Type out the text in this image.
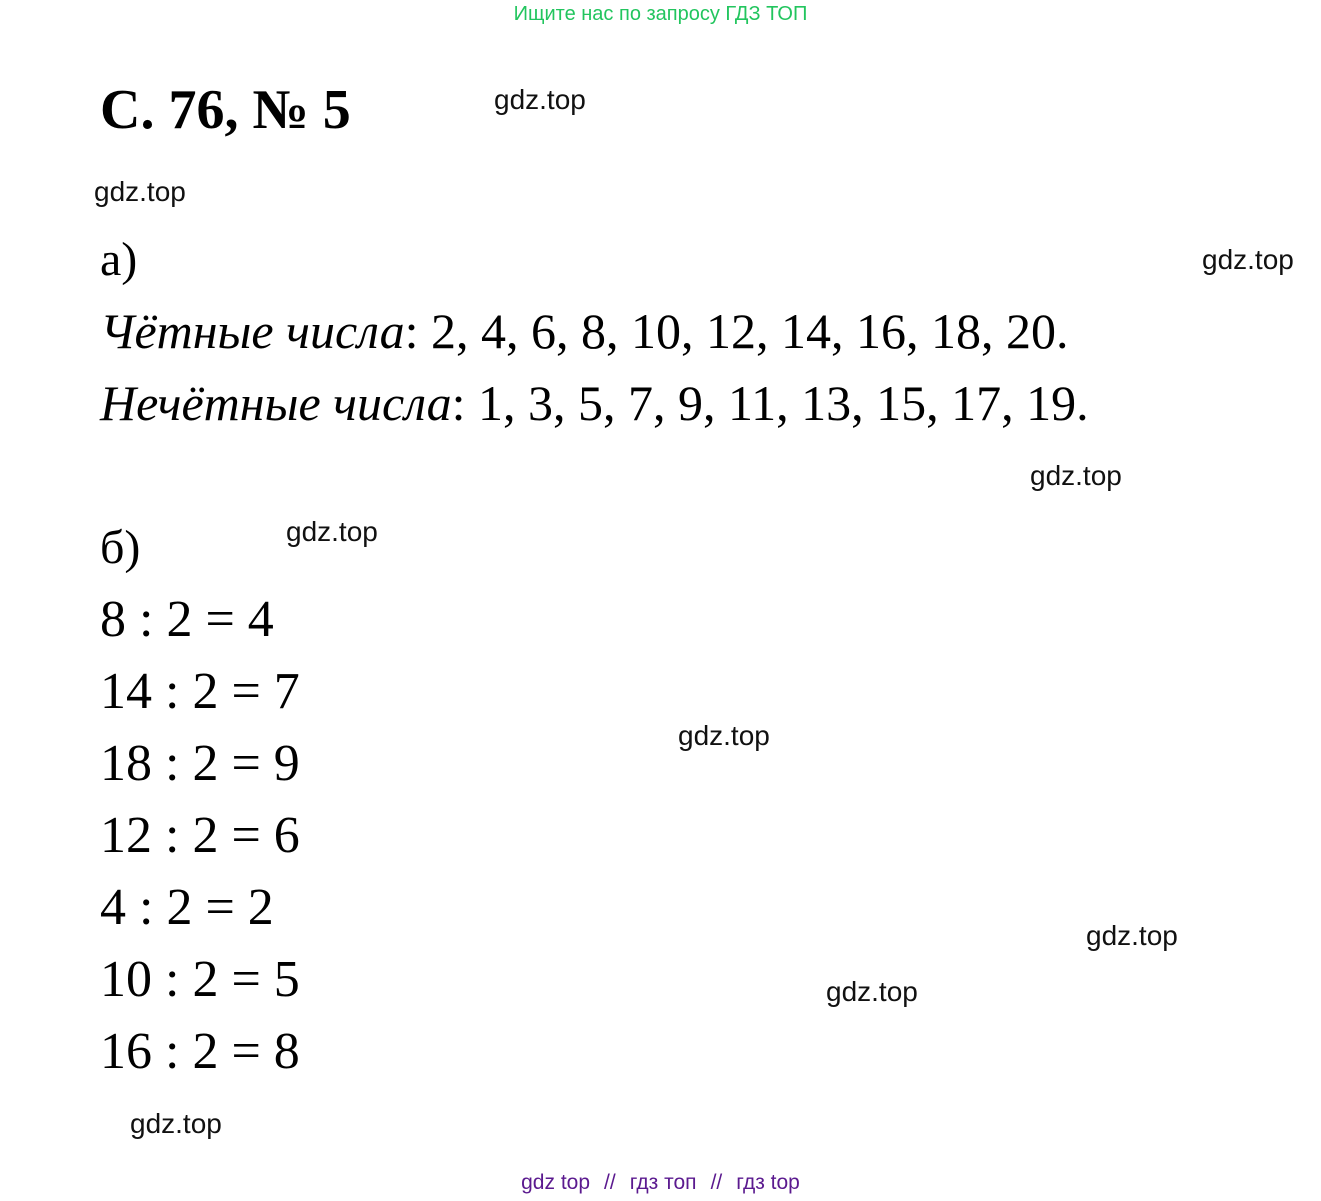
Ищите нас по запросу ГДЗ ТОП
С. 76, № 5	gdz.top
gdz.top
gdz.top
gdz.top
gdz.top
gdz.top
gdz.top
gdz.top
gdz.top
а)
Чётные числа: 2, 4, 6, 8, 10, 12, 14, 16, 18, 20.
Нечётные числа: 1, 3, 5, 7, 9, 11, 13, 15, 17, 19.
б)
8 : 2 = 4
14 : 2 = 7
18 : 2 = 9
12 : 2 = 6
4 : 2 = 2
10 : 2 = 5
16 : 2 = 8
gdz top // гдз топ // гдз top
